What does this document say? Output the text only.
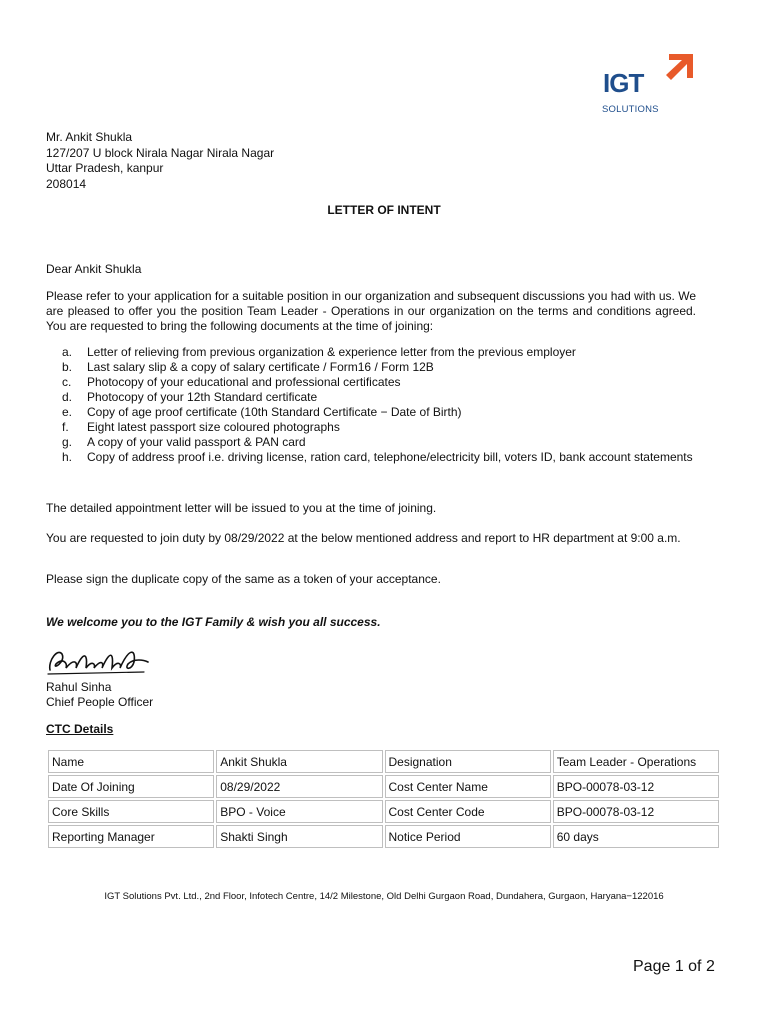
IGT
SOLUTIONS
Mr. Ankit Shukla
127/207 U block Nirala Nagar Nirala Nagar
Uttar Pradesh, kanpur
208014
LETTER OF INTENT
Dear Ankit Shukla
Please refer to your application for a suitable position in our organization and subsequent discussions you had with us. We are pleased to offer you the position Team Leader - Operations in our organization on the terms and conditions agreed. You are requested to bring the following documents at the time of joining:
a.	Letter of relieving from previous organization & experience letter from the previous employer
b.	Last salary slip & a copy of salary certificate / Form16 / Form 12B
c.	Photocopy of your educational and professional certificates
d.	Photocopy of your 12th Standard certificate
e.	Copy of age proof certificate (10th Standard Certificate − Date of Birth)
f.	Eight latest passport size coloured photographs
g.	A copy of your valid passport & PAN card
h.	Copy of address proof i.e. driving license, ration card, telephone/electricity bill, voters ID, bank account statements
The detailed appointment letter will be issued to you at the time of joining.
You are requested to join duty by 08/29/2022 at the below mentioned address and report to HR department at 9:00 a.m.
Please sign the duplicate copy of the same as a token of your acceptance.
We welcome you to the IGT Family & wish you all success.
Rahul Sinha
Chief People Officer
CTC Details
Name	Ankit Shukla	Designation	Team Leader - Operations
Date Of Joining	08/29/2022	Cost Center Name	BPO-00078-03-12
Core Skills	BPO - Voice	Cost Center Code	BPO-00078-03-12
Reporting Manager	Shakti Singh	Notice Period	60 days
IGT Solutions Pvt. Ltd., 2nd Floor, Infotech Centre, 14/2 Milestone, Old Delhi Gurgaon Road, Dundahera, Gurgaon, Haryana−122016
Page 1 of 2
